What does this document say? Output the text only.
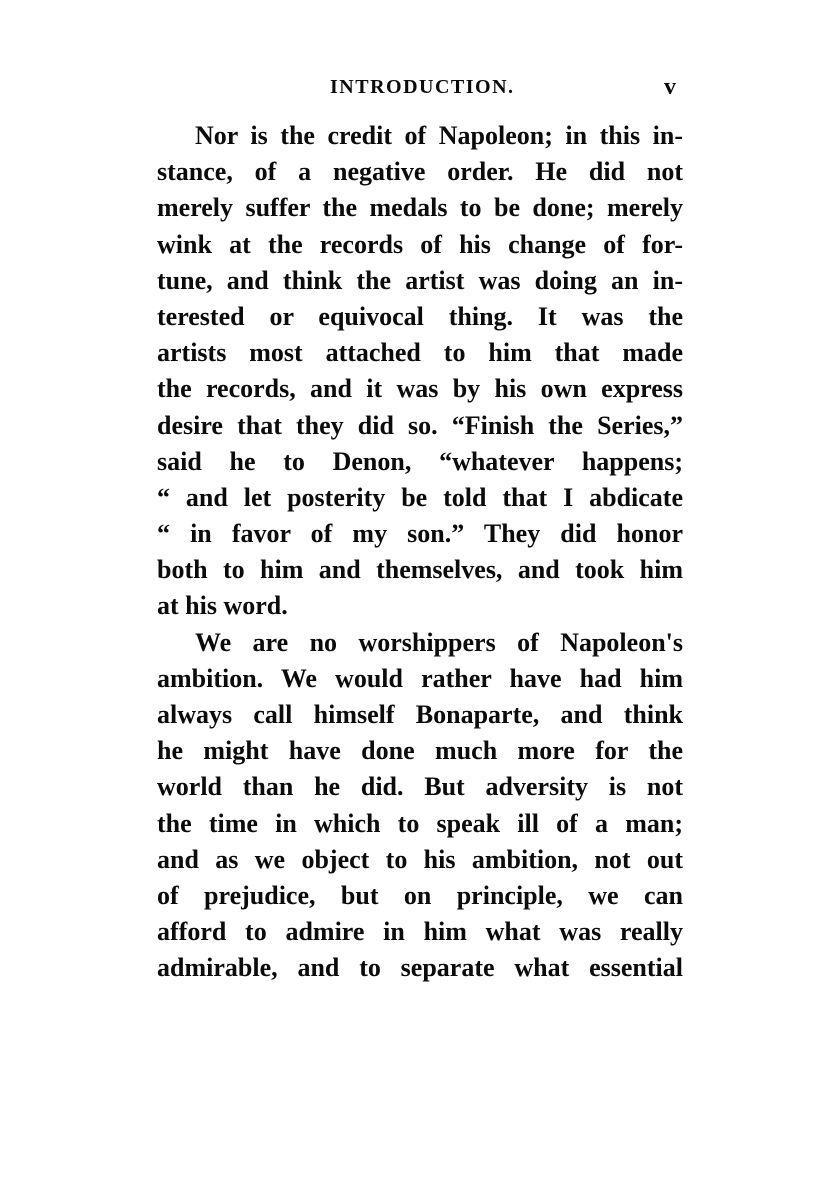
INTRODUCTION.	v
Nor is the credit of Napoleon; in this in-
stance, of a negative order. He did not
merely suffer the medals to be done; merely
wink at the records of his change of for-
tune, and think the artist was doing an in-
terested or equivocal thing. It was the
artists most attached to him that made
the records, and it was by his own express
desire that they did so. “Finish the Series,”
said he to Denon, “whatever happens;
“ and let posterity be told that I abdicate
“ in favor of my son.” They did honor
both to him and themselves, and took him
at his word.
We are no worshippers of Napoleon's
ambition. We would rather have had him
always call himself Bonaparte, and think
he might have done much more for the
world than he did. But adversity is not
the time in which to speak ill of a man;
and as we object to his ambition, not out
of prejudice, but on principle, we can
afford to admire in him what was really
admirable, and to separate what essential
